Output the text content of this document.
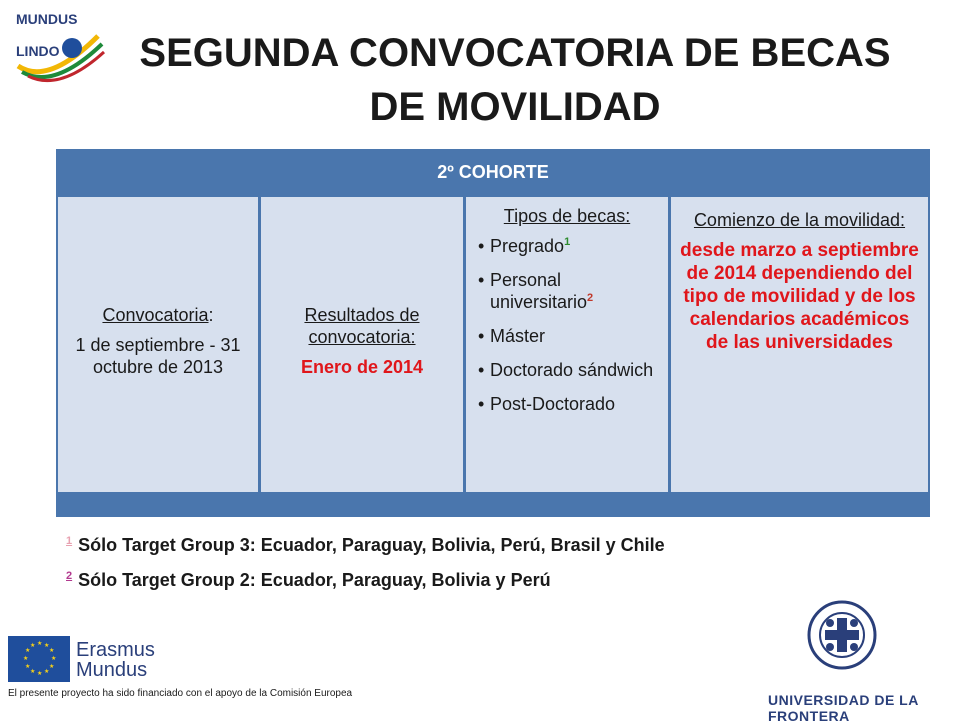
MUNDUS
LINDO	SEGUNDA CONVOCATORIA DE BECAS
DE MOVILIDAD
2º COHORTE

Convocatoria:

1 de septiembre - 31 octubre de 2013

Resultados de convocatoria:

Enero de 2014

Tipos de becas:

• Pregrado$^1$
• Personal universitario$^2$
• Máster
• Doctorado sándwich
• Post-Doctorado

Comienzo de la movilidad:

desde marzo a septiembre de 2014 dependiendo del tipo de movilidad y de los calendarios académicos de las universidades

$^1$ Sólo Target Group 3: Ecuador, Paraguay, Bolivia, Perú, Brasil y Chile
$^2$ Sólo Target Group 2: Ecuador, Paraguay, Bolivia y Perú
★ ★
★
★
★
★
★
★
★
★
★
★ Erasmus
Mundus
El presente proyecto ha sido financiado con el apoyo de la Comisión Europea	UNIVERSIDAD DE LA FRONTERA
